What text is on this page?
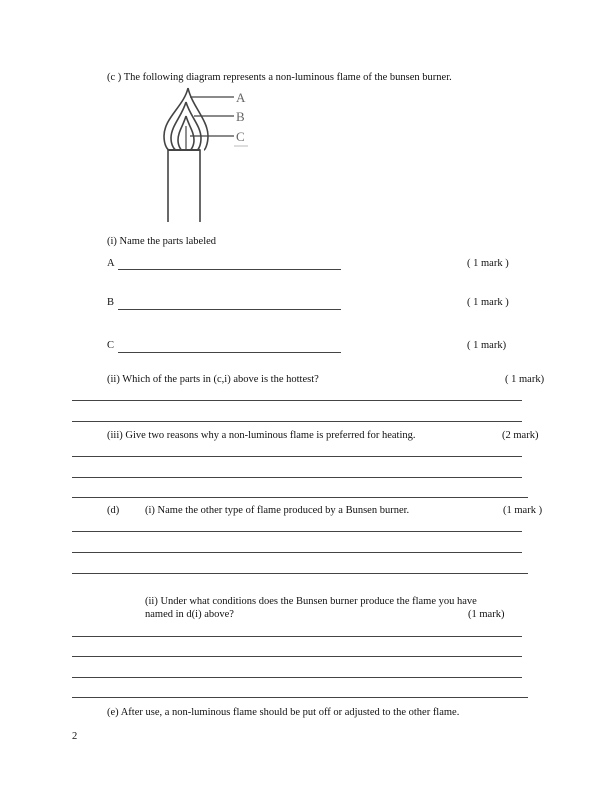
(c ) The following diagram represents a non-luminous flame of the bunsen burner.
A
B
C
(i) Name the parts labeled
A	( 1 mark )
B	( 1 mark )
C	( 1 mark)
(ii) Which of the parts in (c,i) above is the hottest?	( 1 mark)
(iii) Give two reasons why a non-luminous flame is preferred for heating.	(2 mark)
(d) (i) Name the other type of flame produced by a Bunsen burner.	(1 mark )
(ii) Under what conditions does the Bunsen burner produce the flame you have
named in d(i) above?	(1 mark)
(e) After use, a non-luminous flame should be put off or adjusted to the other flame.
2
